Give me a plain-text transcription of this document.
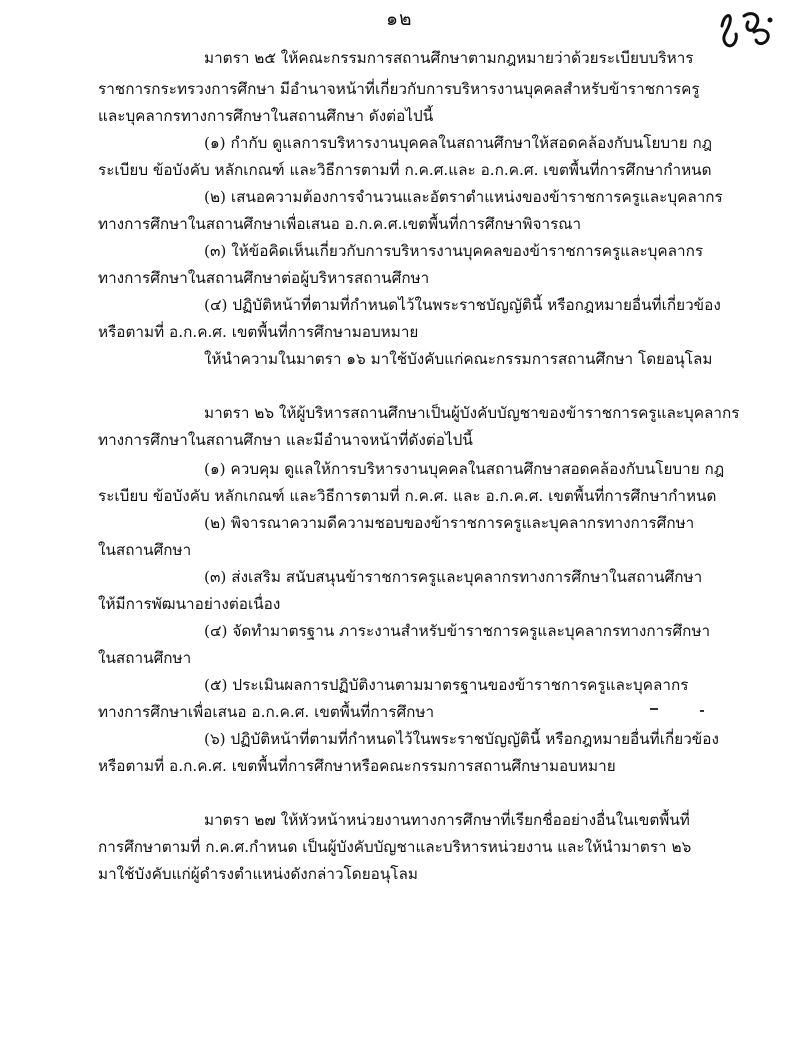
๑๒
มาตรา ๒๕ ให้คณะกรรมการสถานศึกษาตามกฎหมายว่าด้วยระเบียบบริหาร
ราชการกระทรวงการศึกษา มีอำนาจหน้าที่เกี่ยวกับการบริหารงานบุคคลสำหรับข้าราชการครู
และบุคลากรทางการศึกษาในสถานศึกษา ดังต่อไปนี้
(๑) กำกับ ดูแลการบริหารงานบุคคลในสถานศึกษาให้สอดคล้องกับนโยบาย กฎ
ระเบียบ ข้อบังคับ หลักเกณฑ์ และวิธีการตามที่ ก.ค.ศ.และ อ.ก.ค.ศ. เขตพื้นที่การศึกษากำหนด
(๒) เสนอความต้องการจำนวนและอัตราตำแหน่งของข้าราชการครูและบุคลากร
ทางการศึกษาในสถานศึกษาเพื่อเสนอ อ.ก.ค.ศ.เขตพื้นที่การศึกษาพิจารณา
(๓) ให้ข้อคิดเห็นเกี่ยวกับการบริหารงานบุคคลของข้าราชการครูและบุคลากร
ทางการศึกษาในสถานศึกษาต่อผู้บริหารสถานศึกษา
(๔) ปฏิบัติหน้าที่ตามที่กำหนดไว้ในพระราชบัญญัตินี้ หรือกฎหมายอื่นที่เกี่ยวข้อง
หรือตามที่ อ.ก.ค.ศ. เขตพื้นที่การศึกษามอบหมาย
ให้นำความในมาตรา ๑๖ มาใช้บังคับแก่คณะกรรมการสถานศึกษา โดยอนุโลม
มาตรา ๒๖ ให้ผู้บริหารสถานศึกษาเป็นผู้บังคับบัญชาของข้าราชการครูและบุคลากร
ทางการศึกษาในสถานศึกษา และมีอำนาจหน้าที่ดังต่อไปนี้
(๑) ควบคุม ดูแลให้การบริหารงานบุคคลในสถานศึกษาสอดคล้องกับนโยบาย กฎ
ระเบียบ ข้อบังคับ หลักเกณฑ์ และวิธีการตามที่ ก.ค.ศ. และ อ.ก.ค.ศ. เขตพื้นที่การศึกษากำหนด
(๒) พิจารณาความดีความชอบของข้าราชการครูและบุคลากรทางการศึกษา
ในสถานศึกษา
(๓) ส่งเสริม สนับสนุนข้าราชการครูและบุคลากรทางการศึกษาในสถานศึกษา
ให้มีการพัฒนาอย่างต่อเนื่อง
(๔) จัดทำมาตรฐาน ภาระงานสำหรับข้าราชการครูและบุคลากรทางการศึกษา
ในสถานศึกษา
(๕) ประเมินผลการปฏิบัติงานตามมาตรฐานของข้าราชการครูและบุคลากร
ทางการศึกษาเพื่อเสนอ อ.ก.ค.ศ. เขตพื้นที่การศึกษา
(๖) ปฏิบัติหน้าที่ตามที่กำหนดไว้ในพระราชบัญญัตินี้ หรือกฎหมายอื่นที่เกี่ยวข้อง
หรือตามที่ อ.ก.ค.ศ. เขตพื้นที่การศึกษาหรือคณะกรรมการสถานศึกษามอบหมาย
มาตรา ๒๗ ให้หัวหน้าหน่วยงานทางการศึกษาที่เรียกชื่ออย่างอื่นในเขตพื้นที่
การศึกษาตามที่ ก.ค.ศ.กำหนด เป็นผู้บังคับบัญชาและบริหารหน่วยงาน และให้นำมาตรา ๒๖
มาใช้บังคับแก่ผู้ดำรงตำแหน่งดังกล่าวโดยอนุโลม
